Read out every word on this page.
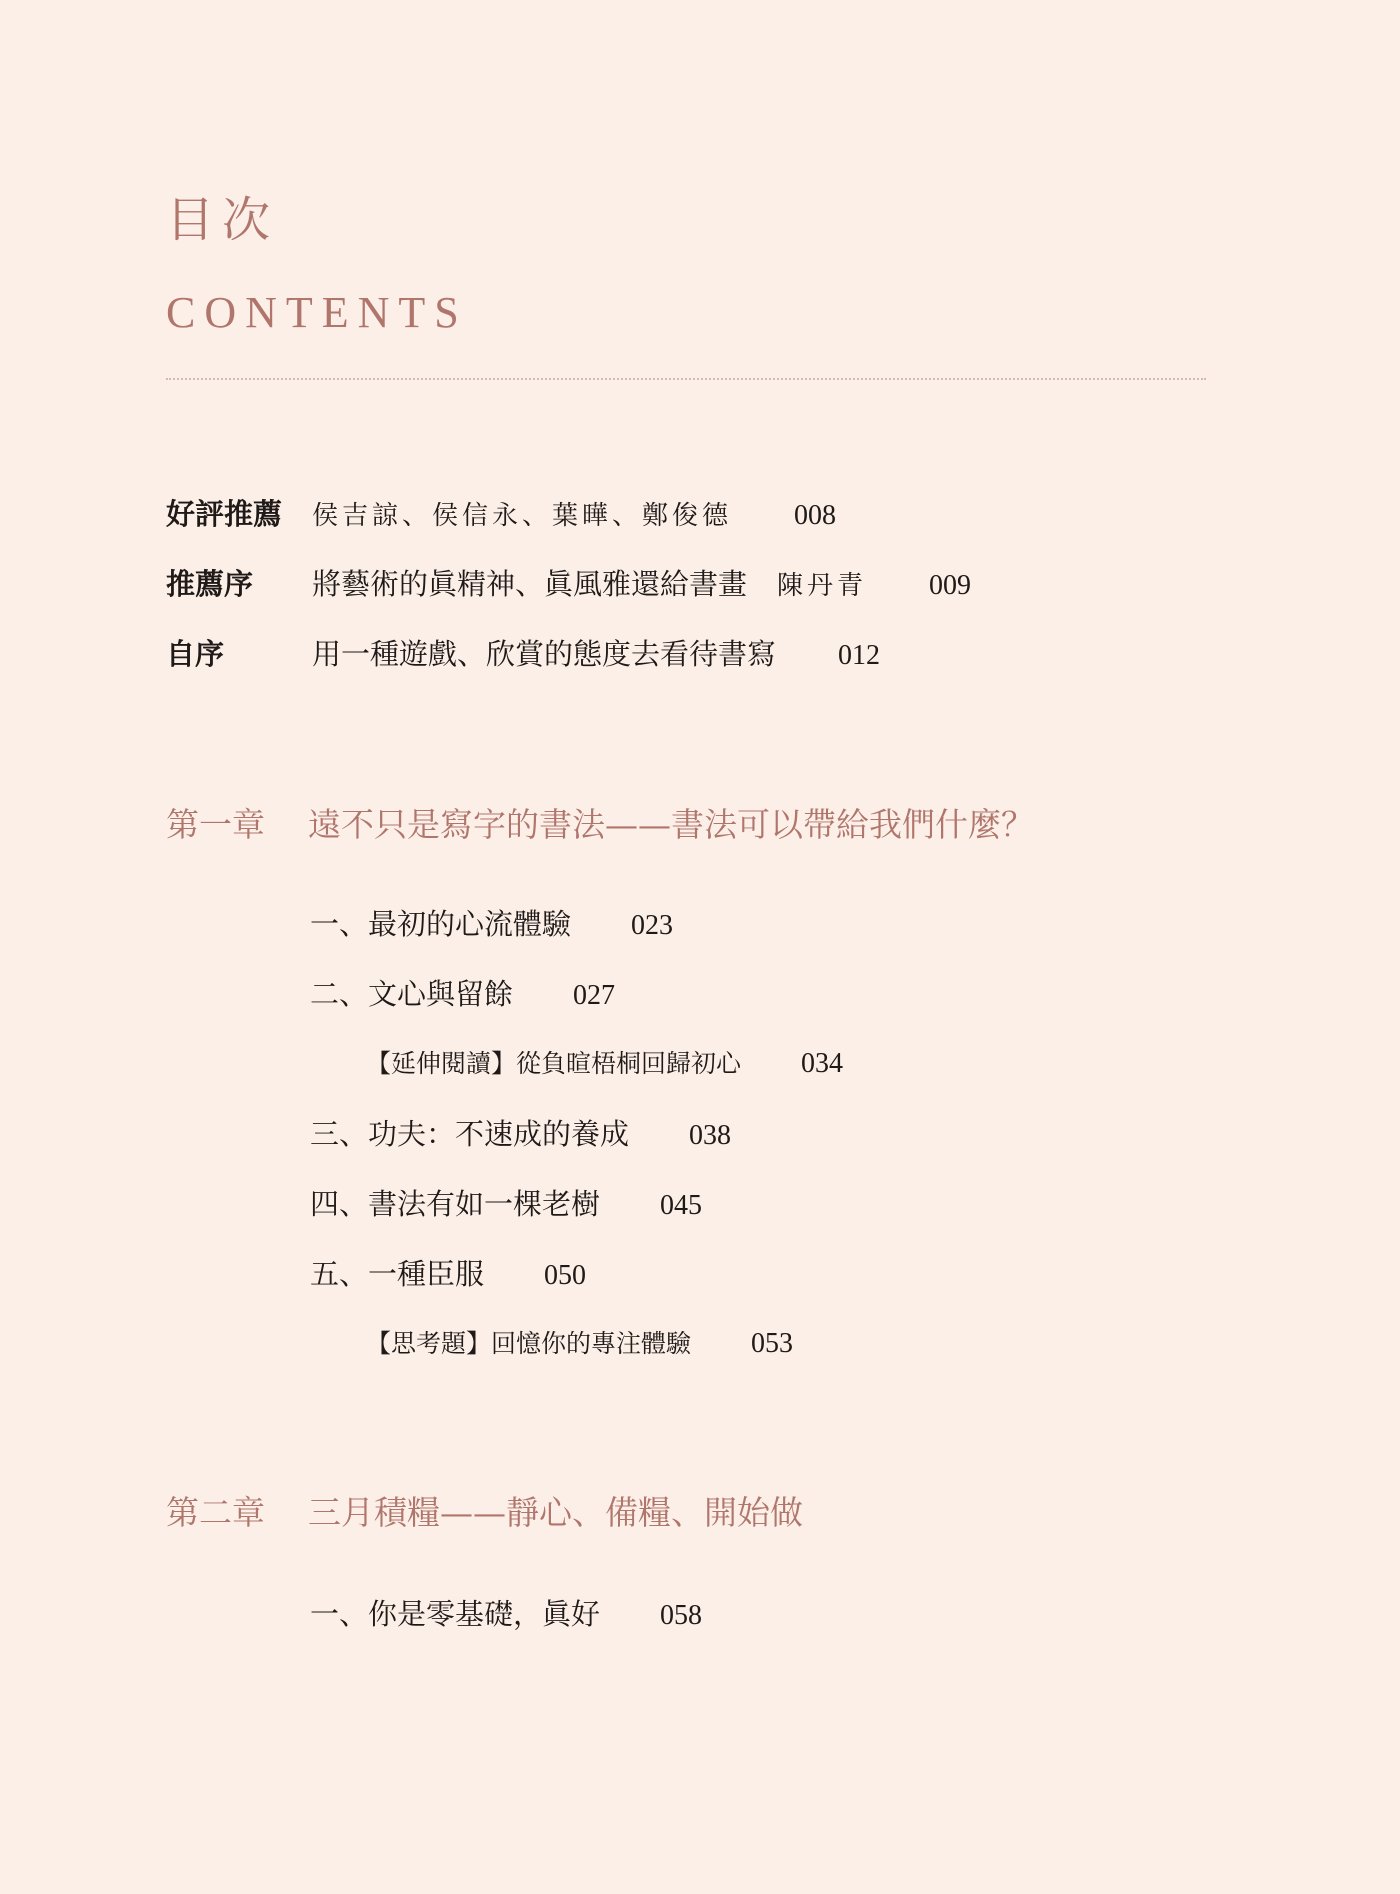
目次
CONTENTS
好評推薦 侯吉諒、侯信永、葉曄、鄭俊德 008
推薦序 將藝術的眞精神、眞風雅還給書畫 陳丹青 009
自序	用一種遊戲、欣賞的態度去看待書寫 012
第一章 遠不只是寫字的書法——書法可以帶給我們什麼？
一、最初的心流體驗 023
二、文心與留餘 027
【延伸閱讀】從負暄梧桐回歸初心 034
三、功夫：不速成的養成 038
四、書法有如一棵老樹 045
五、一種臣服 050
【思考題】回憶你的專注體驗 053
第二章 三月積糧——靜心、備糧、開始做
一、你是零基礎，眞好 058
